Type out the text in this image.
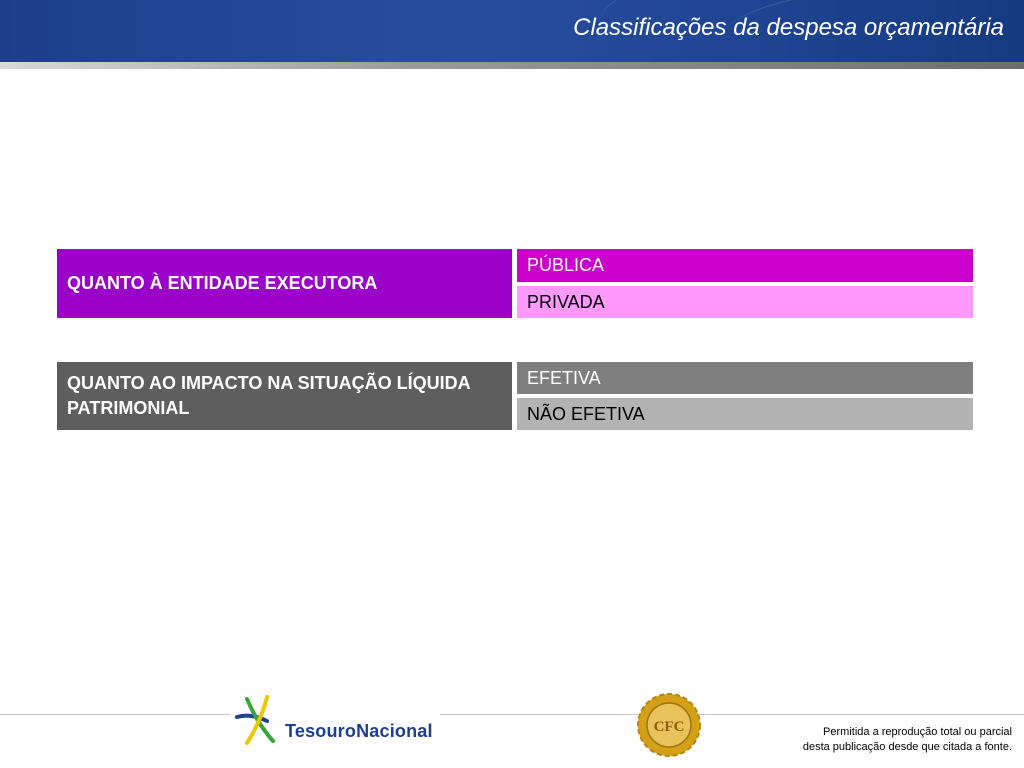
Classificações da despesa orçamentária
QUANTO À ENTIDADE EXECUTORA
PÚBLICA
PRIVADA
QUANTO AO IMPACTO NA SITUAÇÃO LÍQUIDA PATRIMONIAL
EFETIVA
NÃO EFETIVA
TesouroNacional	CFC	Permitida a reprodução total ou parcial
desta publicação desde que citada a fonte.
